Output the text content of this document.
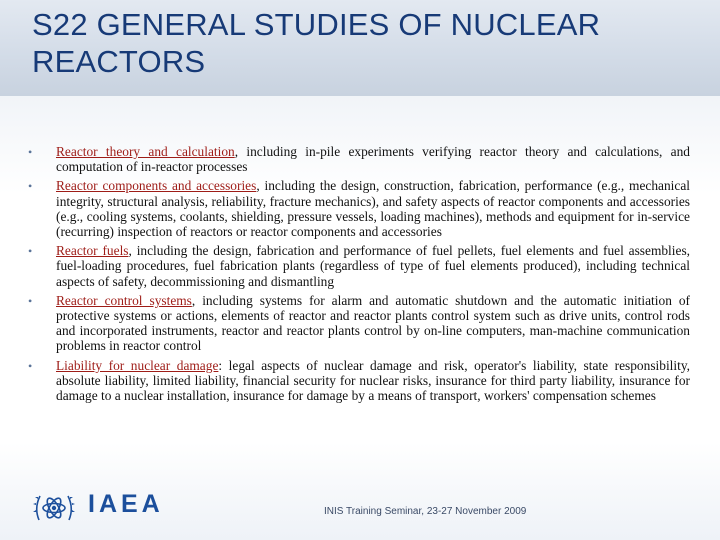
S22 GENERAL STUDIES OF NUCLEAR REACTORS
• Reactor theory and calculation, including in-pile experiments verifying reactor theory and calculations, and computation of in-reactor processes
• Reactor components and accessories, including the design, construction, fabrication, performance (e.g., mechanical integrity, structural analysis, reliability, fracture mechanics), and safety aspects of reactor components and accessories (e.g., cooling systems, coolants, shielding, pressure vessels, loading machines), methods and equipment for in-service (recurring) inspection of reactors or reactor components and accessories
• Reactor fuels, including the design, fabrication and performance of fuel pellets, fuel elements and fuel assemblies, fuel-loading procedures, fuel fabrication plants (regardless of type of fuel elements produced), including technical aspects of safety, decommissioning and dismantling
• Reactor control systems, including systems for alarm and automatic shutdown and the automatic initiation of protective systems or actions, elements of reactor and reactor plants control system such as drive units, control rods and incorporated instruments, reactor and reactor plants control by on-line computers, man-machine communication problems in reactor control
• Liability for nuclear damage: legal aspects of nuclear damage and risk, operator's liability, state responsibility, absolute liability, limited liability, financial security for nuclear risks, insurance for third party liability, insurance for damage to a nuclear installation, insurance for damage by a means of transport, workers' compensation schemes
IAEA	INIS Training Seminar, 23-27 November 2009
